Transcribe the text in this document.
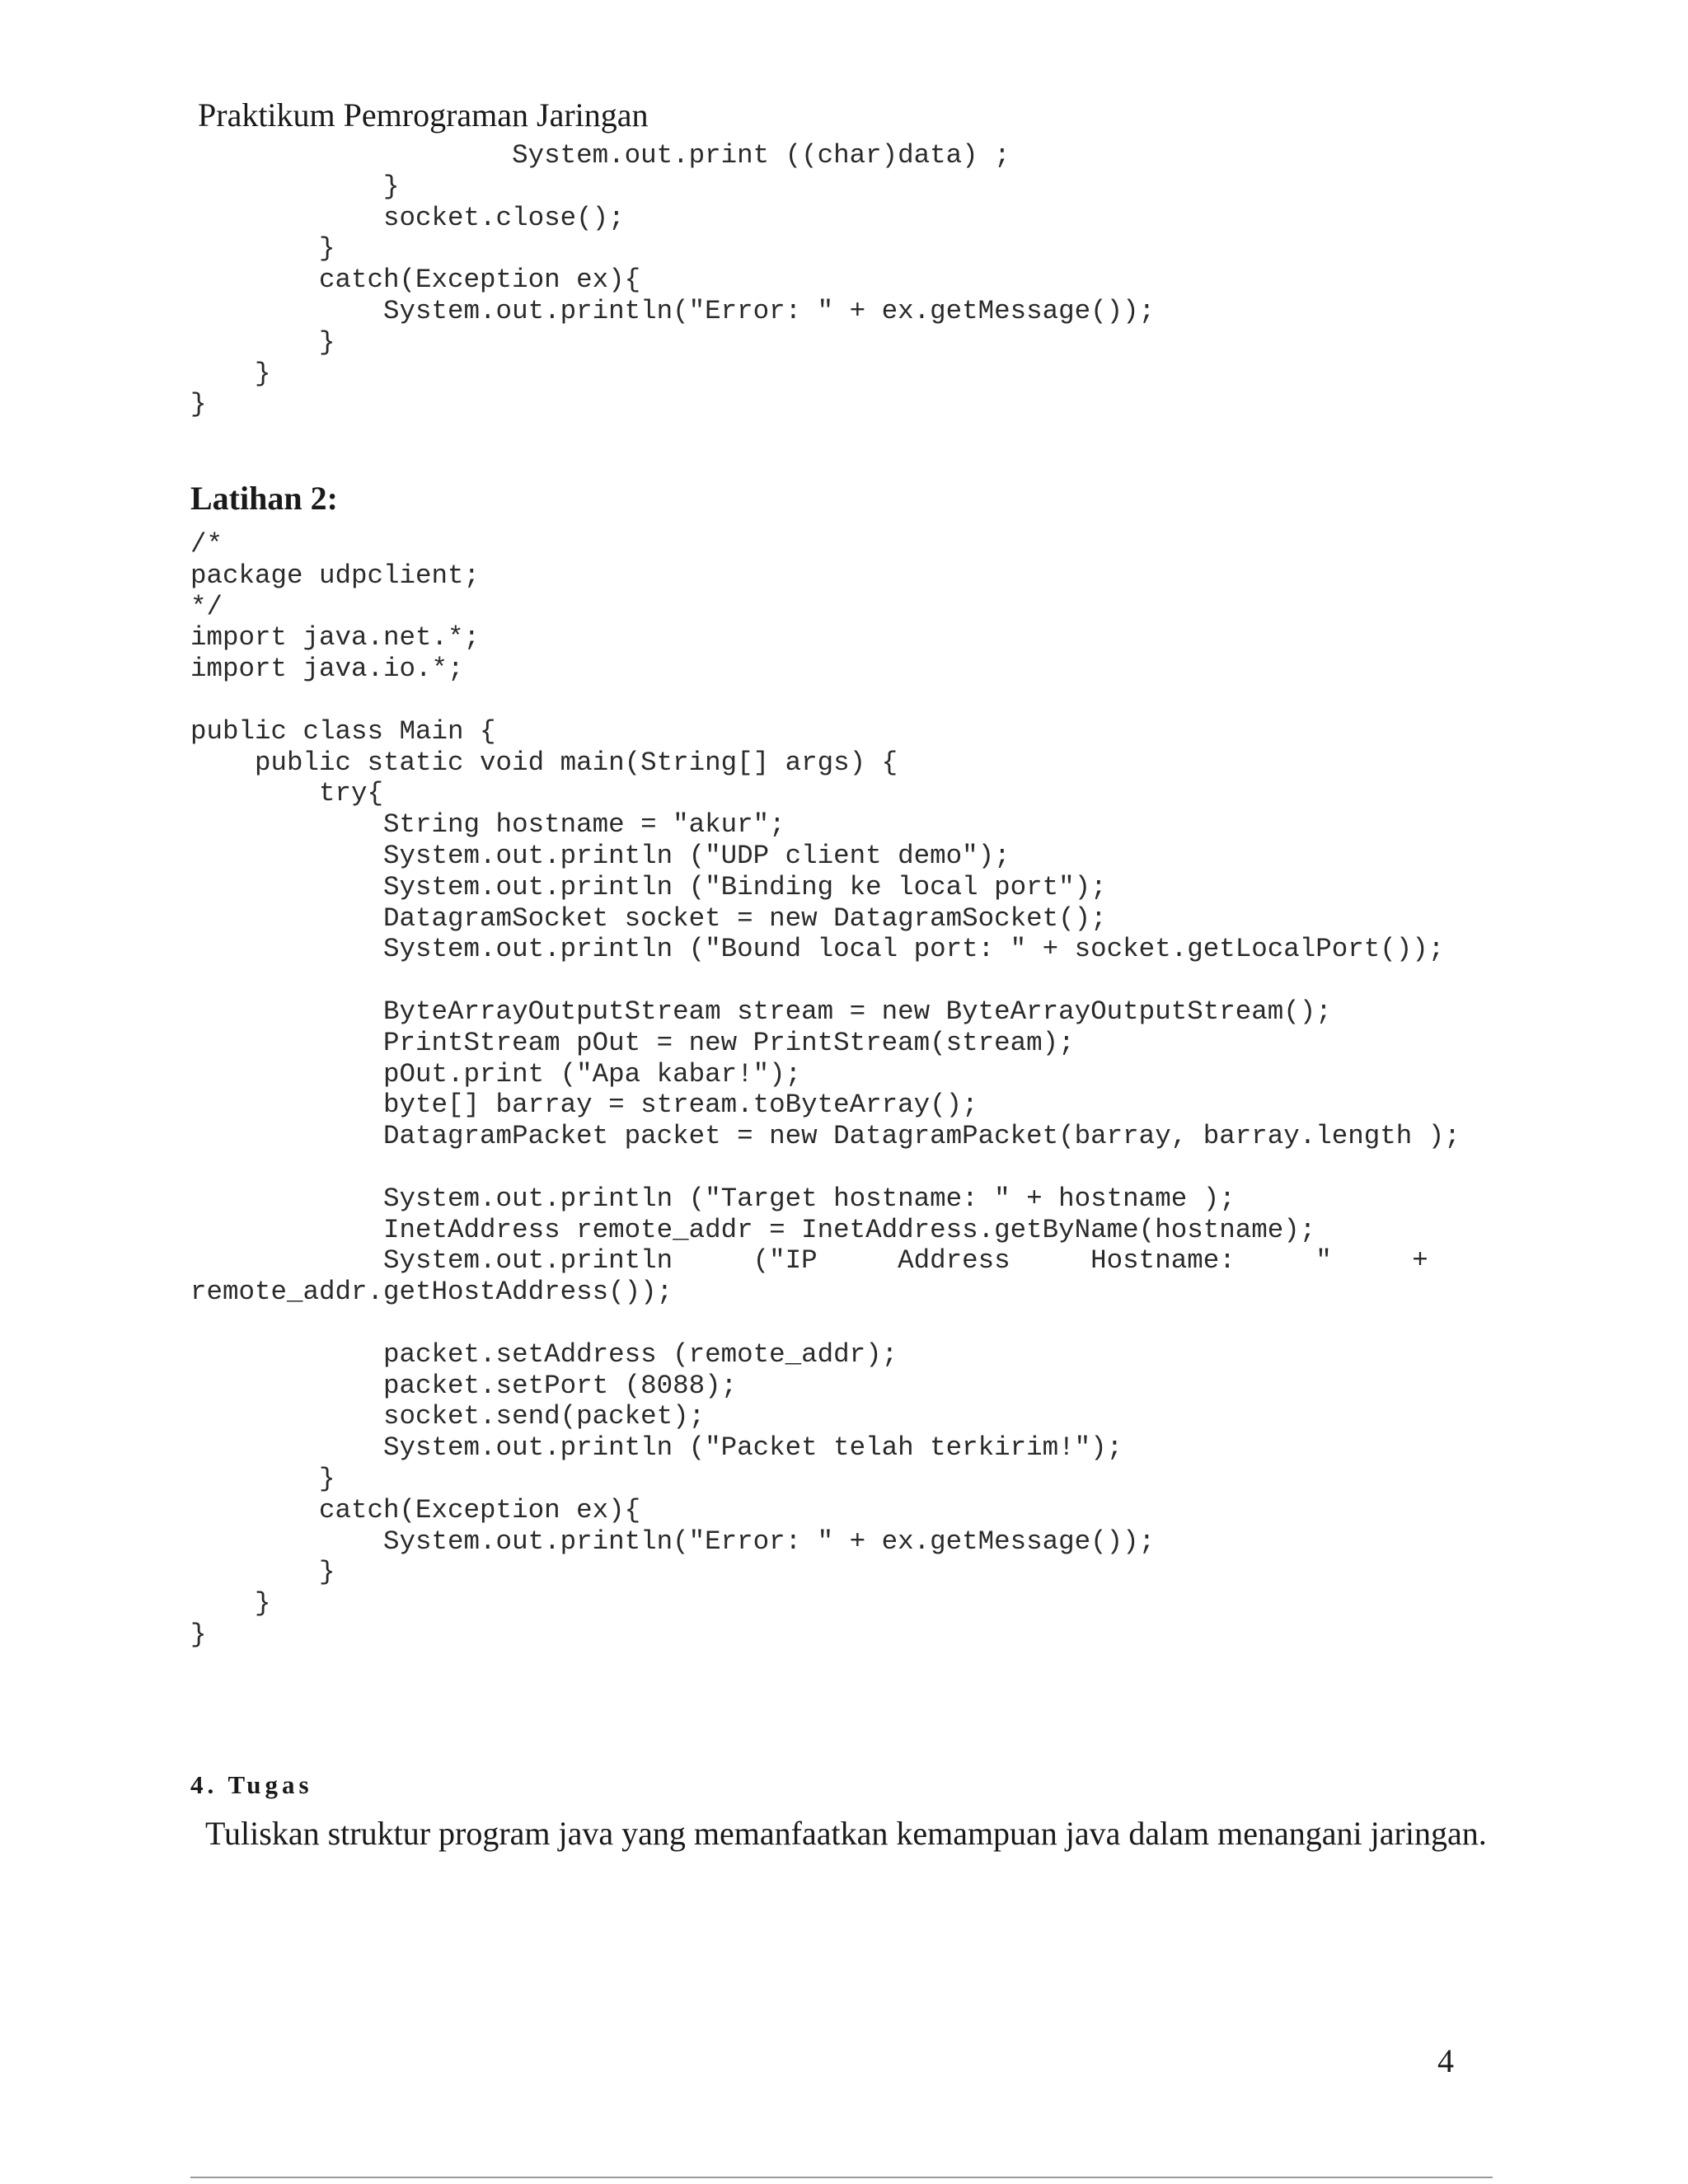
Praktikum Pemrograman Jaringan
System.out.print ((char)data) ;
}
socket.close();
}
catch(Exception ex){
System.out.println("Error: " + ex.getMessage());
}
}
}
Latihan 2:
/*
package udpclient;
*/
import java.net.*;
import java.io.*;

public class Main {
public static void main(String[] args) {
try{
String hostname = "akur";
System.out.println ("UDP client demo");
System.out.println ("Binding ke local port");
DatagramSocket socket = new DatagramSocket();
System.out.println ("Bound local port: " + socket.getLocalPort());

ByteArrayOutputStream stream = new ByteArrayOutputStream();
PrintStream pOut = new PrintStream(stream);
pOut.print ("Apa kabar!");
byte[] barray = stream.toByteArray();
DatagramPacket packet = new DatagramPacket(barray, barray.length );

System.out.println ("Target hostname: " + hostname );
InetAddress remote_addr = InetAddress.getByName(hostname);
System.out.println     ("IP     Address     Hostname:     "     +
remote_addr.getHostAddress());

packet.setAddress (remote_addr);
packet.setPort (8088);
socket.send(packet);
System.out.println ("Packet telah terkirim!");
}
catch(Exception ex){
System.out.println("Error: " + ex.getMessage());
}
}
}
4. Tugas
Tuliskan struktur program java yang memanfaatkan kemampuan java dalam menangani jaringan.
4
